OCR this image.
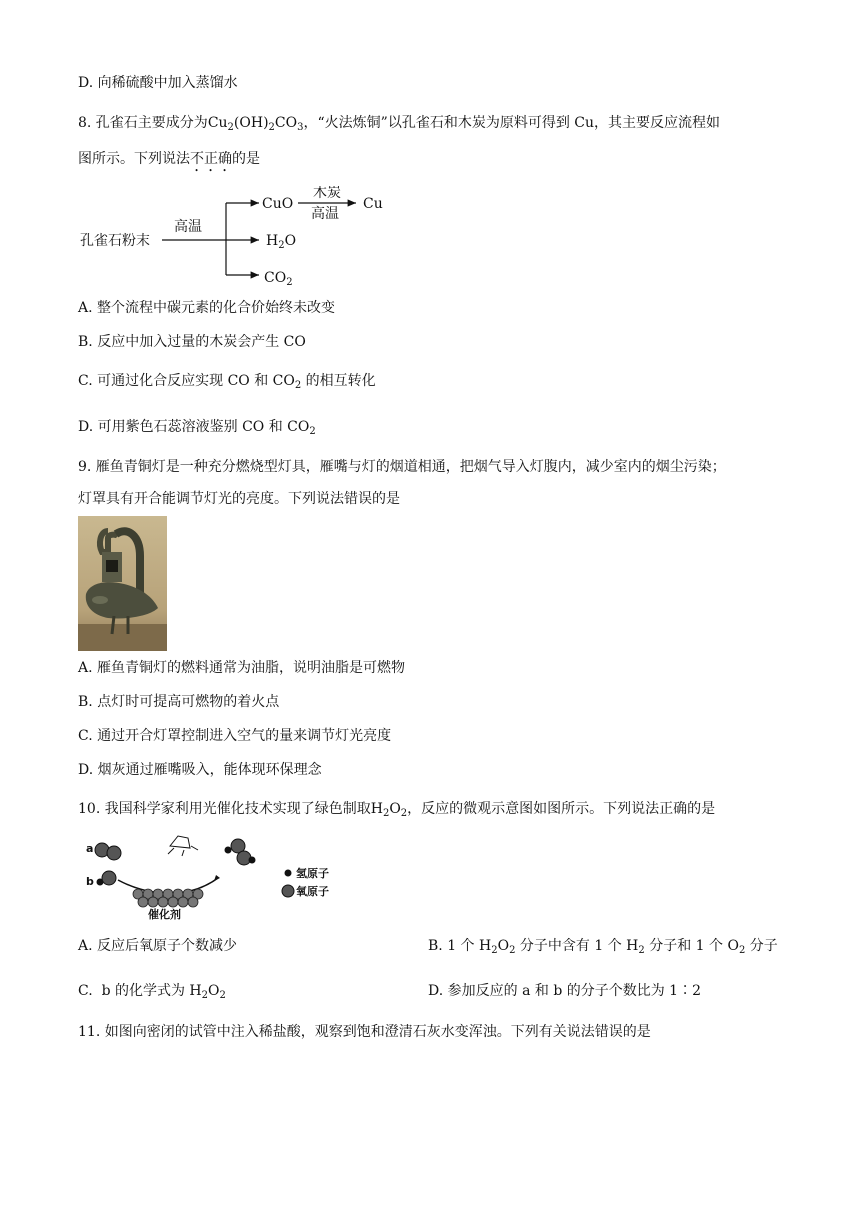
D. 向稀硫酸中加入蒸馏水
8. 孔雀石主要成分为$Cu_2(OH)_2CO_3$，“火法炼铜”以孔雀石和木炭为原料可得到 Cu，其主要反应流程如
图所示。下列说法不正确的是
孔雀石粉末
高温
CuO
$H_2O$
$CO_2$
木炭
高温
Cu
A. 整个流程中碳元素的化合价始终未改变
B. 反应中加入过量的木炭会产生 CO
C. 可通过化合反应实现 CO 和 $CO_2$ 的相互转化
D. 可用紫色石蕊溶液鉴别 CO 和 $CO_2$
9. 雁鱼青铜灯是一种充分燃烧型灯具，雁嘴与灯的烟道相通，把烟气导入灯腹内，减少室内的烟尘污染；
灯罩具有开合能调节灯光的亮度。下列说法错误的是
A. 雁鱼青铜灯的燃料通常为油脂，说明油脂是可燃物
B. 点灯时可提高可燃物的着火点
C. 通过开合灯罩控制进入空气的量来调节灯光亮度
D. 烟灰通过雁嘴吸入，能体现环保理念
10. 我国科学家利用光催化技术实现了绿色制取$H_2O_2$，反应的微观示意图如图所示。下列说法正确的是
a
b
催化剂
氢原子
氧原子
A. 反应后氧原子个数减少	B. 1 个 $H_2O_2$ 分子中含有 1 个 $H_2$ 分子和 1 个 $O_2$ 分子
C.  b 的化学式为 $H_2O_2$	D. 参加反应的 a 和 b 的分子个数比为 1∶2
11. 如图向密闭的试管中注入稀盐酸，观察到饱和澄清石灰水变浑浊。下列有关说法错误的是
